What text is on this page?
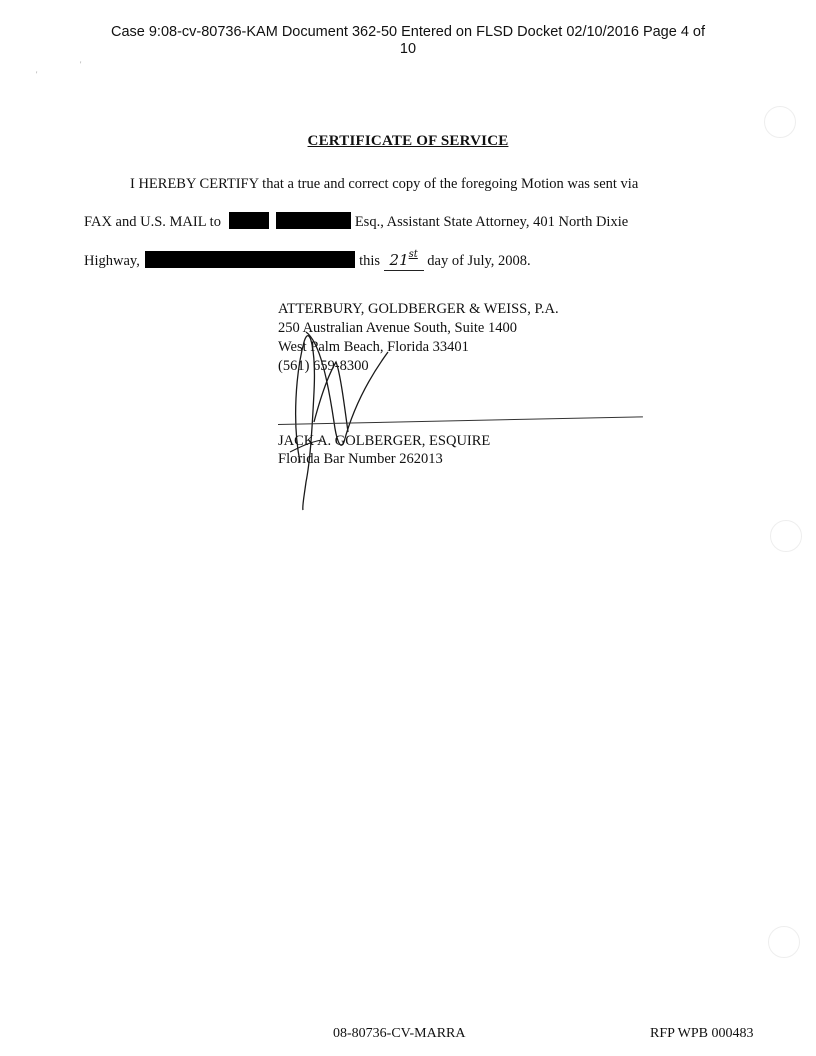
Case 9:08-cv-80736-KAM Document 362-50 Entered on FLSD Docket 02/10/2016 Page 4 of
10
'
'
CERTIFICATE OF SERVICE
I HEREBY CERTIFY that a true and correct copy of the foregoing Motion was sent via
FAX and U.S. MAIL to	Esq., Assistant State Attorney, 401 North Dixie
Highway,	this 21st day of July, 2008.
ATTERBURY, GOLDBERGER & WEISS, P.A.
250 Australian Avenue South, Suite 1400
West Palm Beach, Florida 33401
(561) 659-8300
JACK A. GOLBERGER, ESQUIRE
Florida Bar Number 262013
08-80736-CV-MARRA	RFP WPB 000483
